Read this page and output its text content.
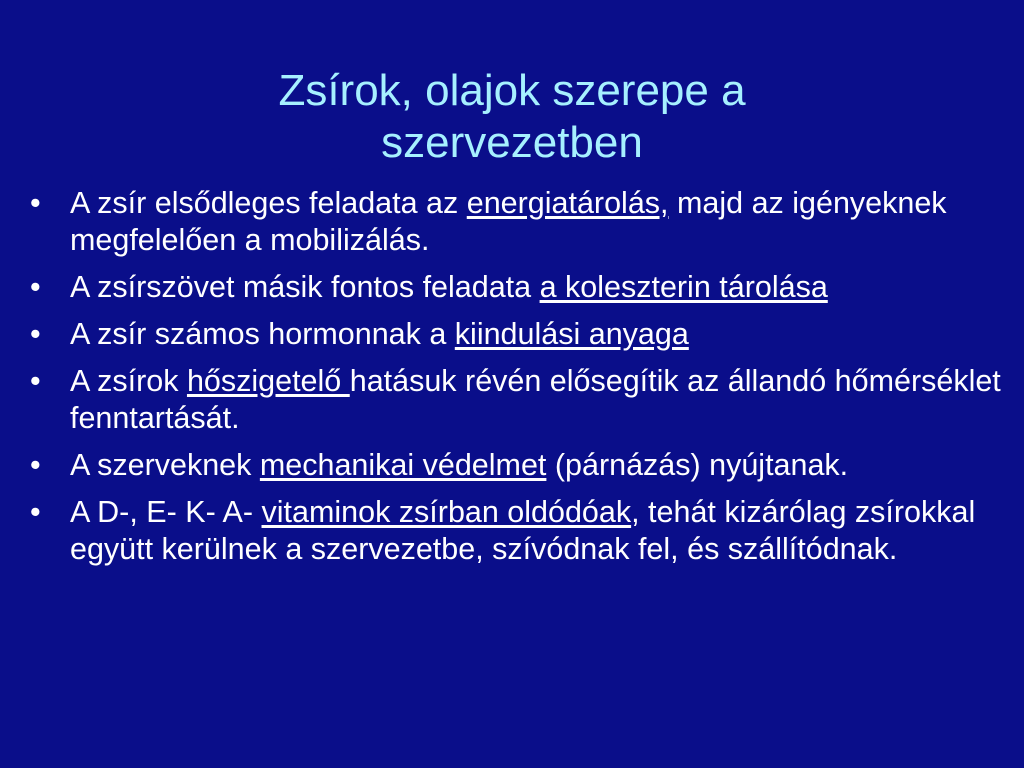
Zsírok, olajok szerepe a
szervezetben
• A zsír elsődleges feladata az energiatárolás, majd az igényeknek megfelelően a mobilizálás.
• A zsírszövet másik fontos feladata a koleszterin tárolása
• A zsír számos hormonnak a kiindulási anyaga
• A zsírok hőszigetelő hatásuk révén elősegítik az állandó hőmérséklet fenntartását.
• A szerveknek mechanikai védelmet (párnázás) nyújtanak.
• A D-, E- K- A- vitaminok zsírban oldódóak, tehát kizárólag zsírokkal együtt kerülnek a szervezetbe, szívódnak fel, és szállítódnak.
